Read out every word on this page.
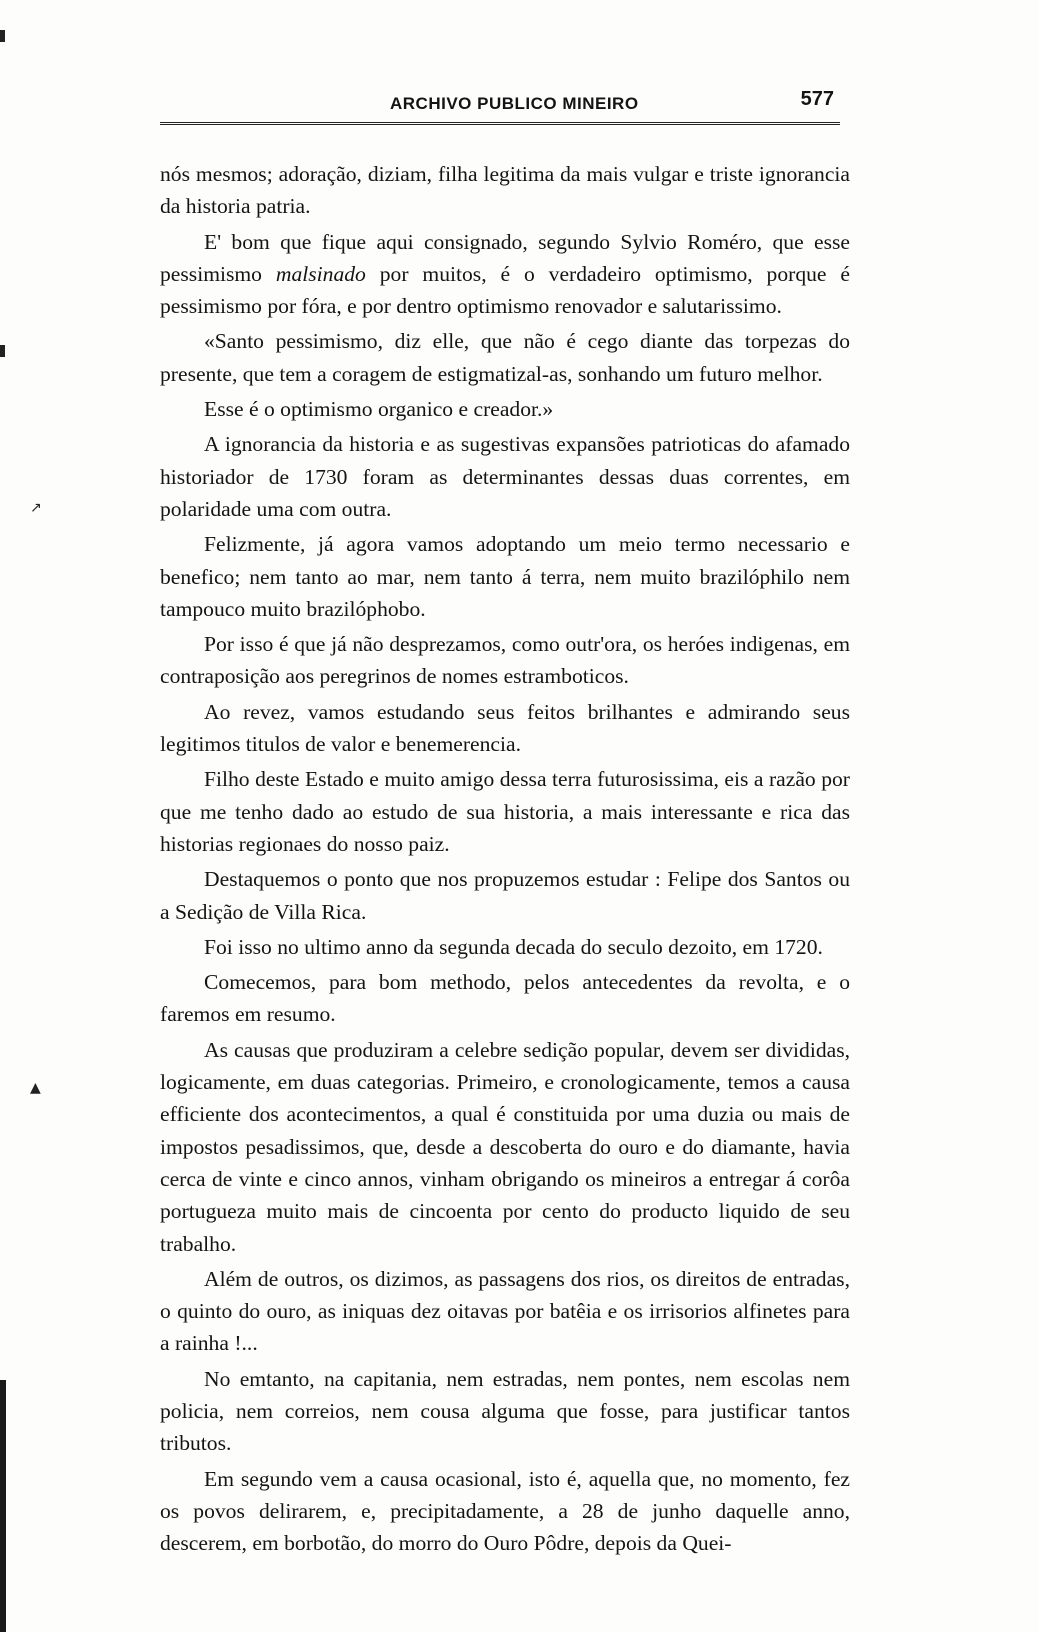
↗
▲
ARCHIVO PUBLICO MINEIRO	577

nós mesmos; adoração, diziam, filha legitima da mais vulgar e triste ignorancia da historia patria.

E' bom que fique aqui consignado, segundo Sylvio Roméro, que esse pessimismo malsinado por muitos, é o verdadeiro optimismo, porque é pessimismo por fóra, e por dentro optimismo renovador e salutarissimo.

«Santo pessimismo, diz elle, que não é cego diante das torpezas do presente, que tem a coragem de estigmatizal-as, sonhando um futuro melhor.

Esse é o optimismo organico e creador.»

A ignorancia da historia e as sugestivas expansões patrioticas do afamado historiador de 1730 foram as determinantes dessas duas correntes, em polaridade uma com outra.

Felizmente, já agora vamos adoptando um meio termo necessario e benefico; nem tanto ao mar, nem tanto á terra, nem muito brazilóphilo nem tampouco muito brazilóphobo.

Por isso é que já não desprezamos, como outr'ora, os heróes indigenas, em contraposição aos peregrinos de nomes estramboticos.

Ao revez, vamos estudando seus feitos brilhantes e admirando seus legitimos titulos de valor e benemerencia.

Filho deste Estado e muito amigo dessa terra futurosissima, eis a razão por que me tenho dado ao estudo de sua historia, a mais interessante e rica das historias regionaes do nosso paiz.

Destaquemos o ponto que nos propuzemos estudar : Felipe dos Santos ou a Sedição de Villa Rica.

Foi isso no ultimo anno da segunda decada do seculo dezoito, em 1720.

Comecemos, para bom methodo, pelos antecedentes da revolta, e o faremos em resumo.

As causas que produziram a celebre sedição popular, devem ser divididas, logicamente, em duas categorias. Primeiro, e cronologicamente, temos a causa efficiente dos acontecimentos, a qual é constituida por uma duzia ou mais de impostos pesadissimos, que, desde a descoberta do ouro e do diamante, havia cerca de vinte e cinco annos, vinham obrigando os mineiros a entregar á corôa portugueza muito mais de cincoenta por cento do producto liquido de seu trabalho.

Além de outros, os dizimos, as passagens dos rios, os direitos de entradas, o quinto do ouro, as iniquas dez oitavas por batêia e os irrisorios alfinetes para a rainha !...

No emtanto, na capitania, nem estradas, nem pontes, nem escolas nem policia, nem correios, nem cousa alguma que fosse, para justificar tantos tributos.

Em segundo vem a causa ocasional, isto é, aquella que, no momento, fez os povos delirarem, e, precipitadamente, a 28 de junho daquelle anno, descerem, em borbotão, do morro do Ouro Pôdre, depois da Quei-
